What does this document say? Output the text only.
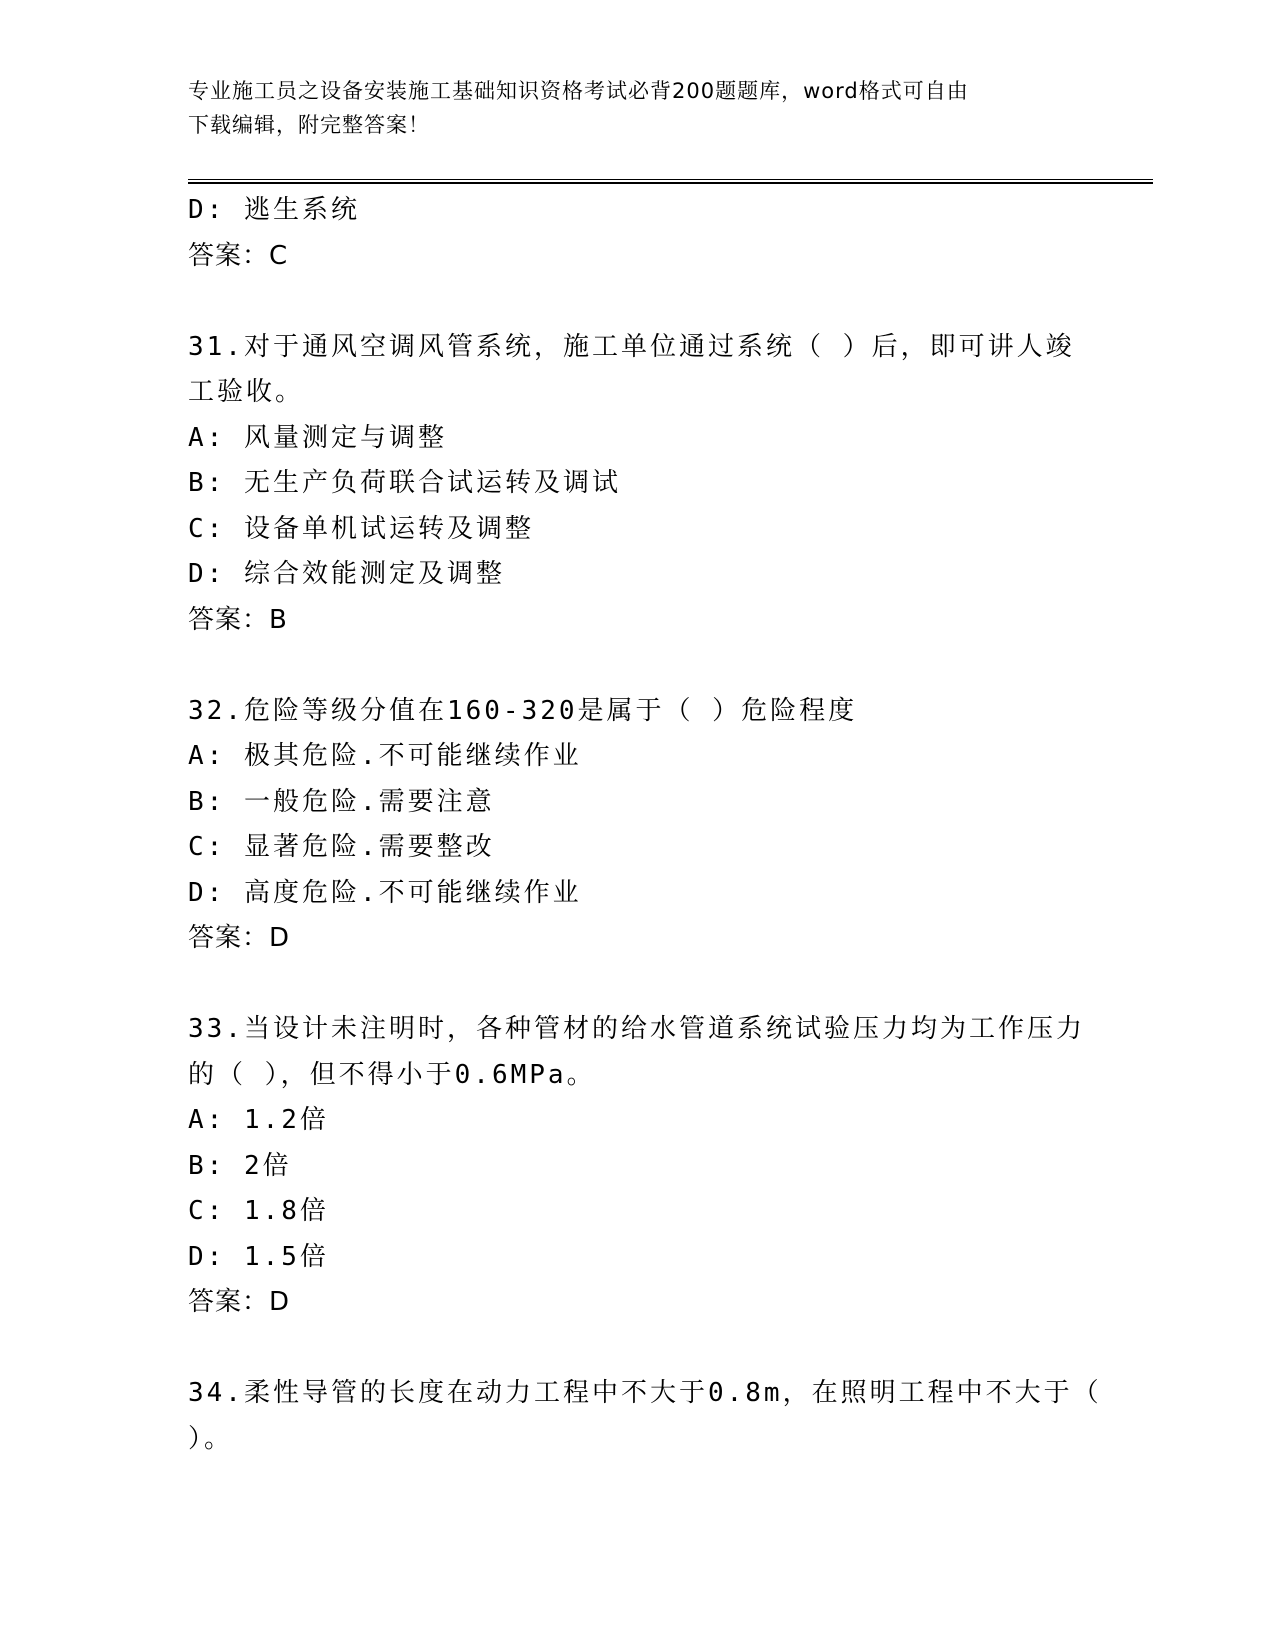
专业施工员之设备安装施工基础知识资格考试必背200题题库，word格式可自由
下载编辑，附完整答案！
D: 逃生系统
答案：C
31.对于通风空调风管系统，施工单位通过系统（ ）后，即可讲人竣
工验收。
A: 风量测定与调整
B: 无生产负荷联合试运转及调试
C: 设备单机试运转及调整
D: 综合效能测定及调整
答案：B
32.危险等级分值在160-320是属于（ ）危险程度
A: 极其危险.不可能继续作业
B: 一般危险.需要注意
C: 显著危险.需要整改
D: 高度危险.不可能继续作业
答案：D
33.当设计未注明时，各种管材的给水管道系统试验压力均为工作压力
的（ ），但不得小于0.6MPa。
A: 1.2倍
B: 2倍
C: 1.8倍
D: 1.5倍
答案：D
34.柔性导管的长度在动力工程中不大于0.8m，在照明工程中不大于（
）。
